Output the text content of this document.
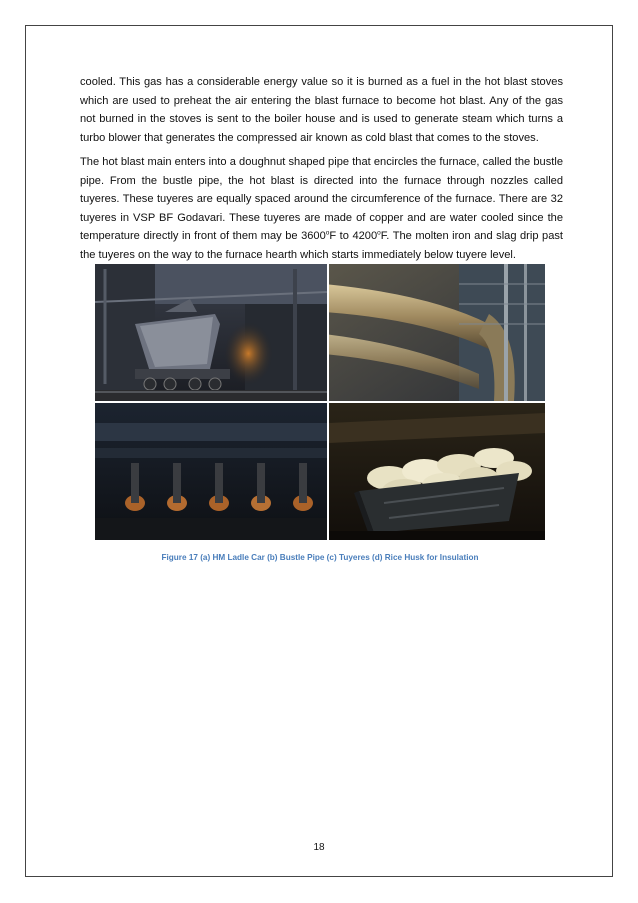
cooled. This gas has a considerable energy value so it is burned as a fuel in the hot blast stoves which are used to preheat the air entering the blast furnace to become hot blast. Any of the gas not burned in the stoves is sent to the boiler house and is used to generate steam which turns a turbo blower that generates the compressed air known as cold blast that comes to the stoves.

The hot blast main enters into a doughnut shaped pipe that encircles the furnace, called the bustle pipe. From the bustle pipe, the hot blast is directed into the furnace through nozzles called tuyeres. These tuyeres are equally spaced around the circumference of the furnace. There are 32 tuyeres in VSP BF Godavari. These tuyeres are made of copper and are water cooled since the temperature directly in front of them may be 3600$^o$F to 4200$^o$F. The molten iron and slag drip past the tuyeres on the way to the furnace hearth which starts immediately below tuyere level.

Figure 17 (a) HM Ladle Car (b) Bustle Pipe (c) Tuyeres (d) Rice Husk for Insulation
18
